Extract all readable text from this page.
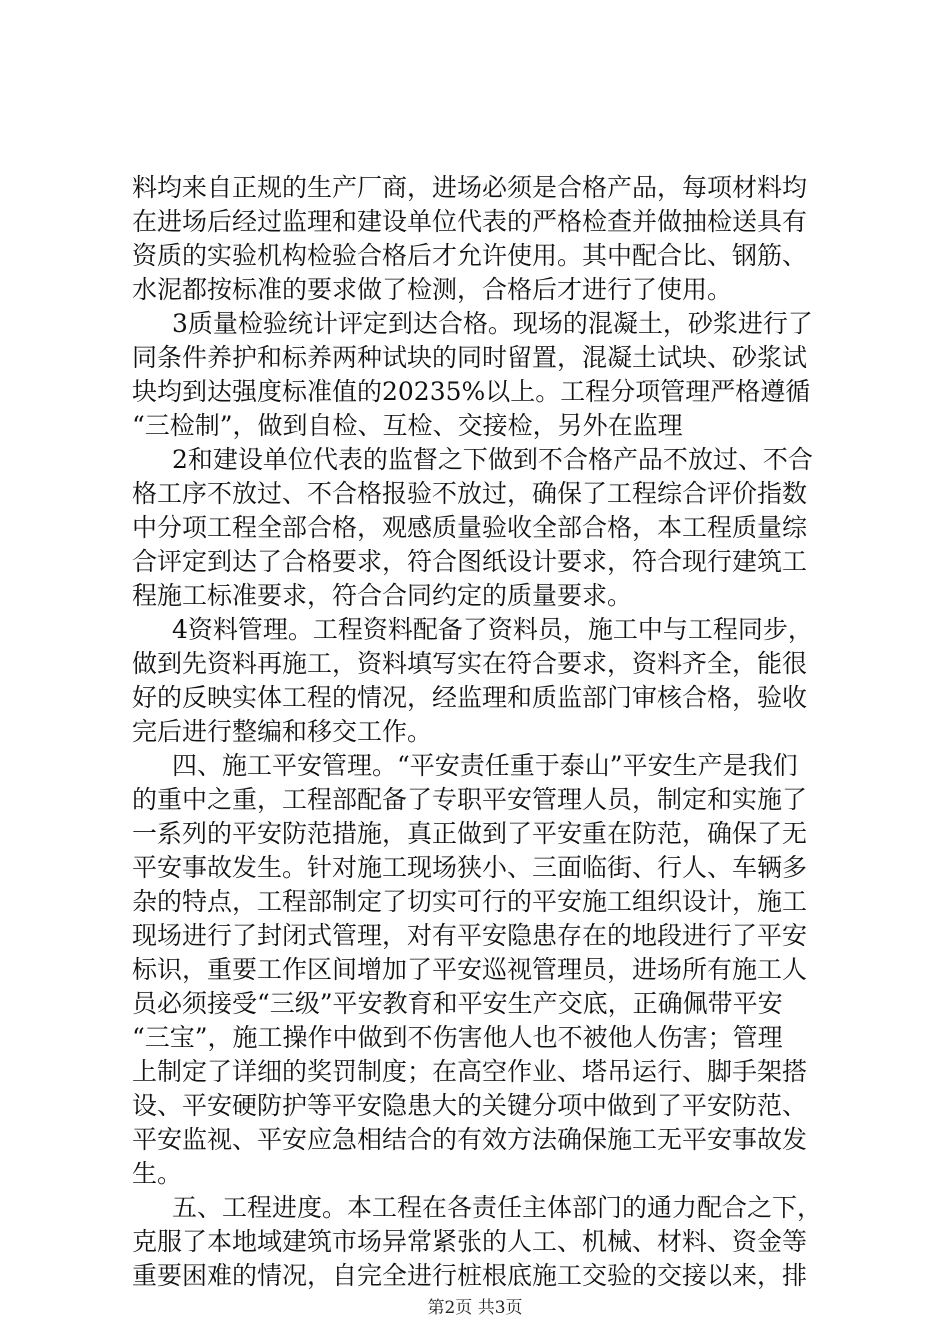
料均来自正规的生产厂商，进场必须是合格产品，每项材料均
在进场后经过监理和建设单位代表的严格检查并做抽检送具有
资质的实验机构检验合格后才允许使用。其中配合比、钢筋、
水泥都按标准的要求做了检测，合格后才进行了使用。
3质量检验统计评定到达合格。现场的混凝土，砂浆进行了
同条件养护和标养两种试块的同时留置，混凝土试块、砂浆试
块均到达强度标准值的20235%以上。工程分项管理严格遵循
“三检制”，做到自检、互检、交接检，另外在监理
2和建设单位代表的监督之下做到不合格产品不放过、不合
格工序不放过、不合格报验不放过，确保了工程综合评价指数
中分项工程全部合格，观感质量验收全部合格，本工程质量综
合评定到达了合格要求，符合图纸设计要求，符合现行建筑工
程施工标准要求，符合合同约定的质量要求。
4资料管理。工程资料配备了资料员，施工中与工程同步，
做到先资料再施工，资料填写实在符合要求，资料齐全，能很
好的反映实体工程的情况，经监理和质监部门审核合格，验收
完后进行整编和移交工作。
四、施工平安管理。“平安责任重于泰山”平安生产是我们
的重中之重，工程部配备了专职平安管理人员，制定和实施了
一系列的平安防范措施，真正做到了平安重在防范，确保了无
平安事故发生。针对施工现场狭小、三面临街、行人、车辆多
杂的特点，工程部制定了切实可行的平安施工组织设计，施工
现场进行了封闭式管理，对有平安隐患存在的地段进行了平安
标识，重要工作区间增加了平安巡视管理员，进场所有施工人
员必须接受“三级”平安教育和平安生产交底，正确佩带平安
“三宝”，施工操作中做到不伤害他人也不被他人伤害；管理
上制定了详细的奖罚制度；在高空作业、塔吊运行、脚手架搭
设、平安硬防护等平安隐患大的关键分项中做到了平安防范、
平安监视、平安应急相结合的有效方法确保施工无平安事故发
生。
五、工程进度。本工程在各责任主体部门的通力配合之下，
克服了本地域建筑市场异常紧张的人工、机械、材料、资金等
重要困难的情况，自完全进行桩根底施工交验的交接以来，排
第2页 共3页
